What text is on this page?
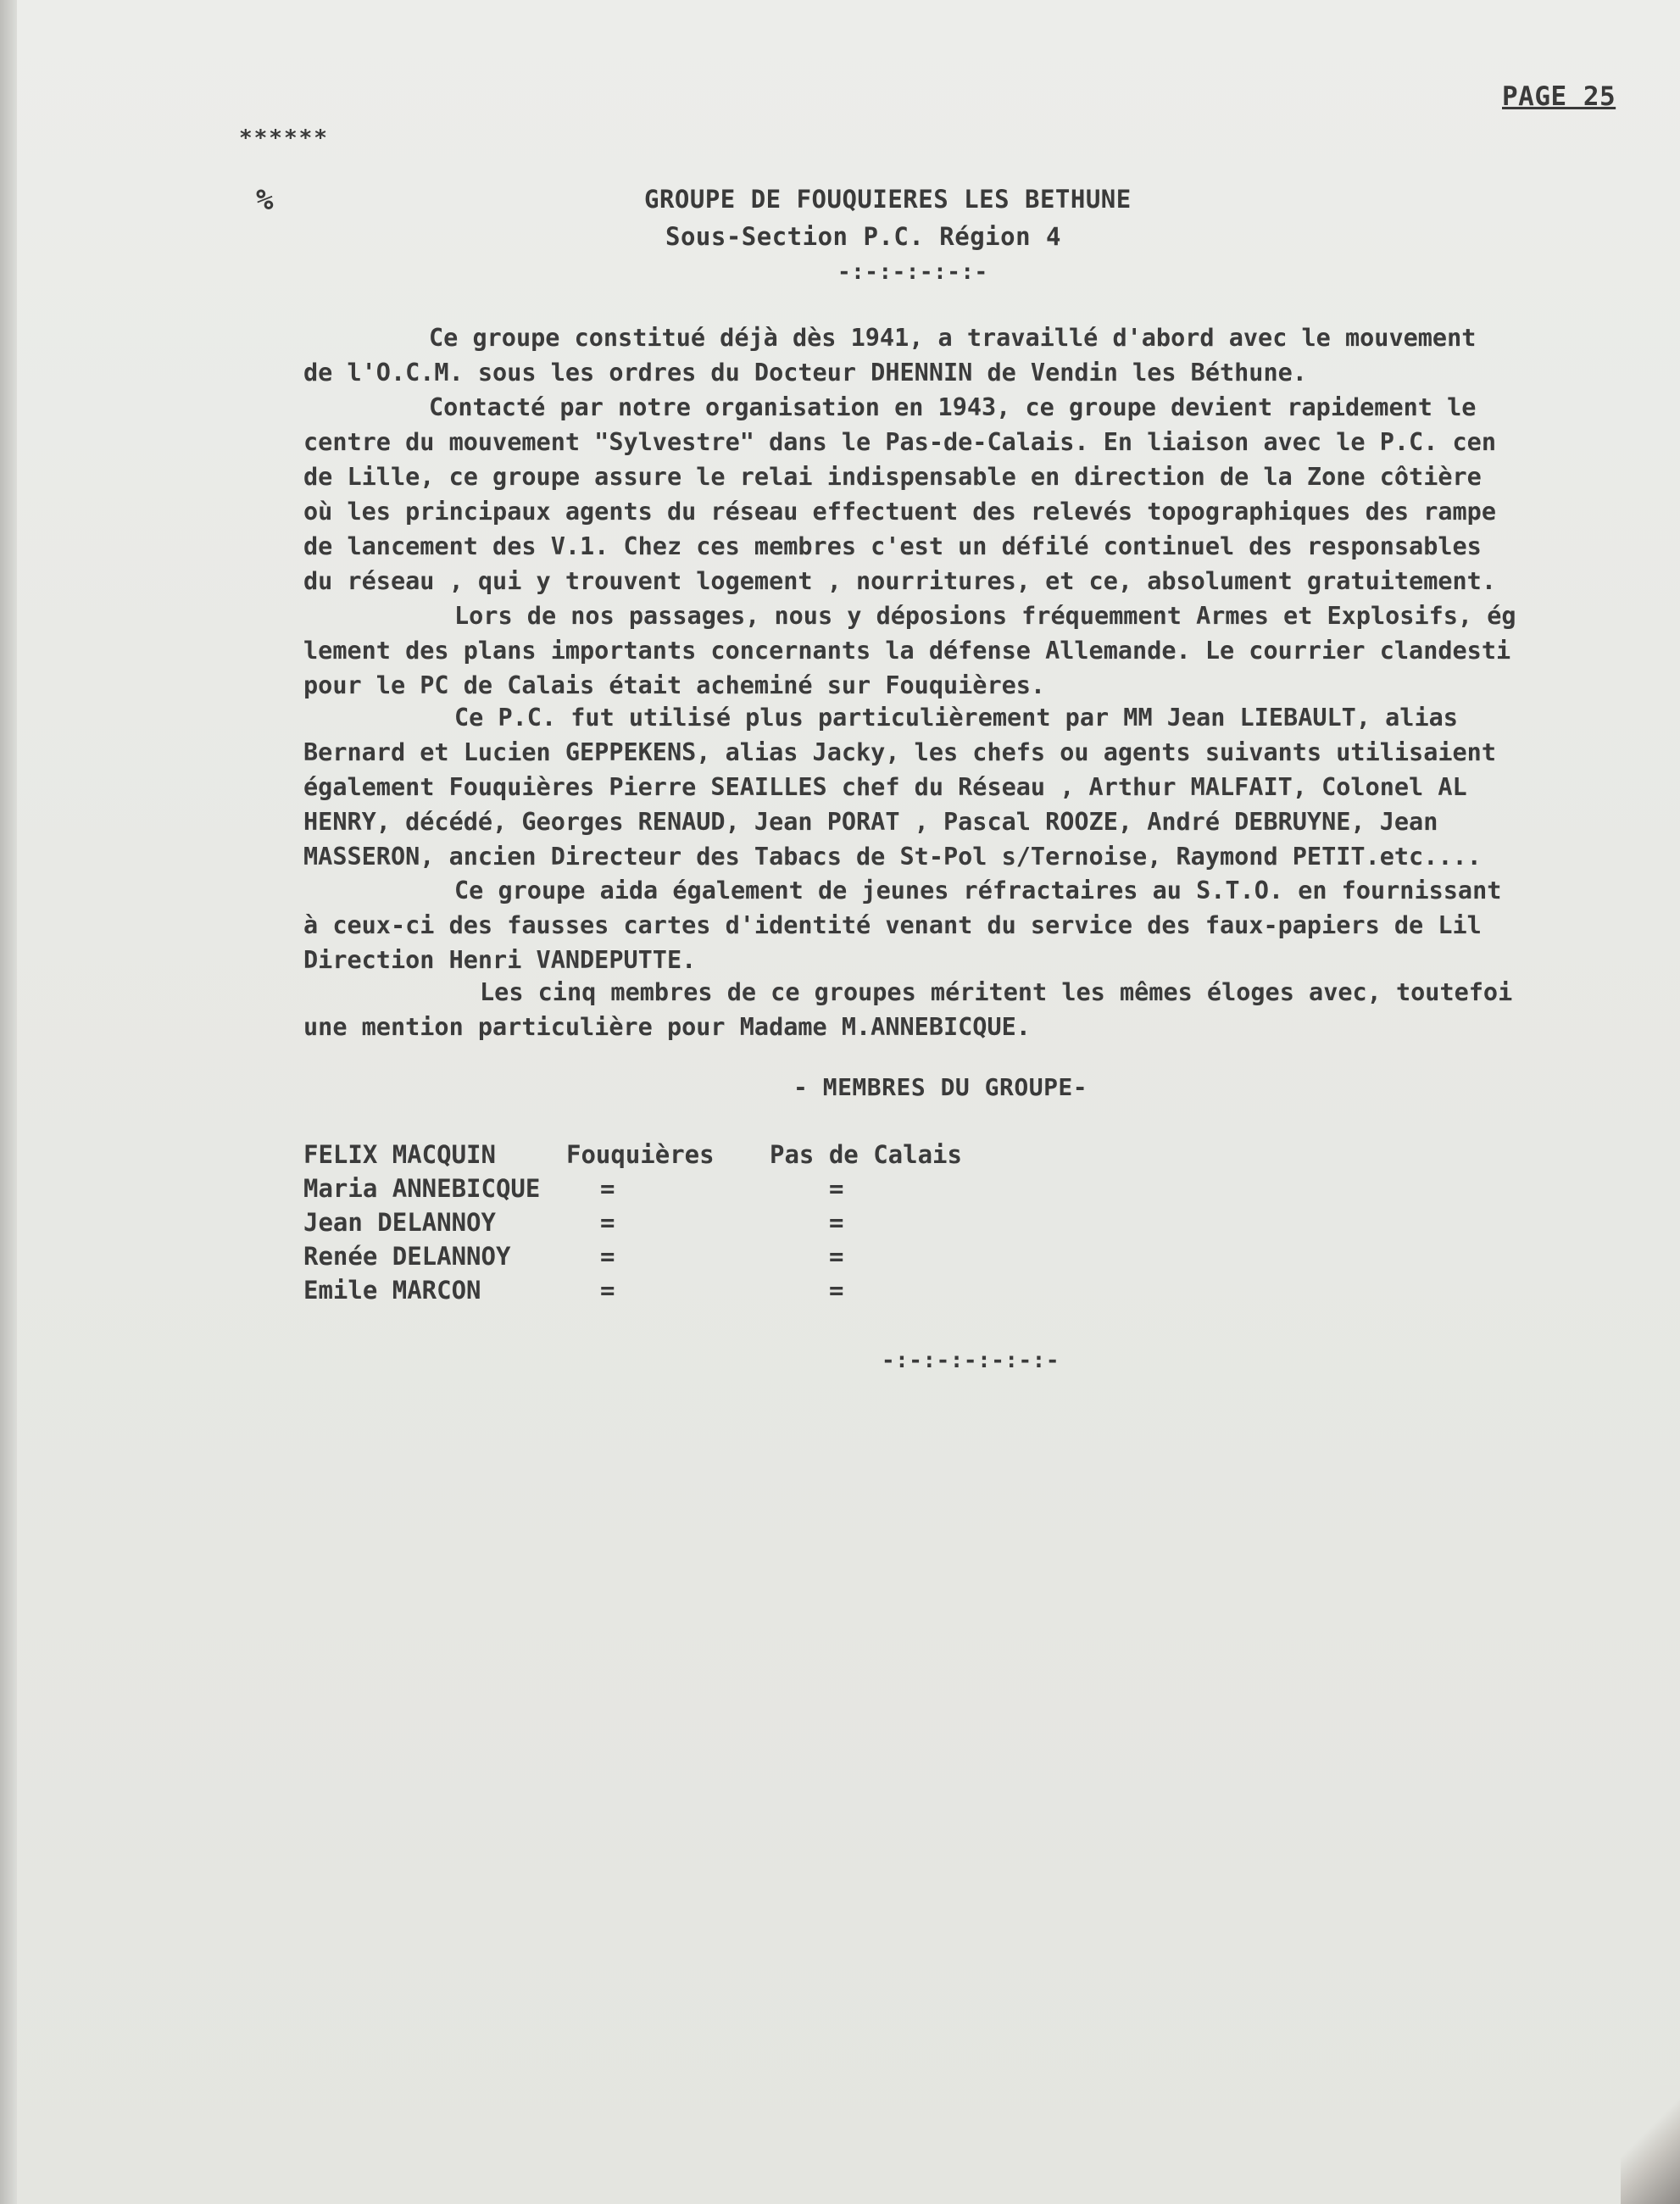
PAGE 25
******
%	GROUPE DE FOUQUIERES LES BETHUNE
Sous-Section P.C. Région 4
-:-:-:-:-:-
Ce groupe constitué déjà dès 1941, a travaillé d'abord avec le mouvement
de l'O.C.M. sous les ordres du Docteur DHENNIN de Vendin les Béthune.
Contacté par notre organisation en 1943, ce groupe devient rapidement le
centre du mouvement "Sylvestre" dans le Pas-de-Calais. En liaison avec le P.C. cen
de Lille, ce groupe assure le relai indispensable en direction de la Zone côtière
où les principaux agents du réseau effectuent des relevés topographiques des rampe
de lancement des V.1. Chez ces membres c'est un défilé continuel des responsables
du réseau , qui y trouvent logement , nourritures, et ce, absolument gratuitement.
Lors de nos passages, nous y déposions fréquemment Armes et Explosifs, ég
lement des plans importants concernants la défense Allemande. Le courrier clandesti
pour le PC de Calais était acheminé sur Fouquières.
Ce P.C. fut utilisé plus particulièrement par MM Jean LIEBAULT, alias
Bernard et Lucien GEPPEKENS, alias Jacky, les chefs ou agents suivants utilisaient
également Fouquières Pierre SEAILLES chef du Réseau , Arthur MALFAIT, Colonel AL
HENRY, décédé, Georges RENAUD, Jean PORAT , Pascal ROOZE, André DEBRUYNE, Jean
MASSERON, ancien Directeur des Tabacs de St-Pol s/Ternoise, Raymond PETIT.etc....
Ce groupe aida également de jeunes réfractaires au S.T.O. en fournissant
à ceux-ci des fausses cartes d'identité venant du service des faux-papiers de Lil
Direction Henri VANDEPUTTE.
Les cinq membres de ce groupes méritent les mêmes éloges avec, toutefoi
une mention particulière pour Madame M.ANNEBICQUE.
- MEMBRES DU GROUPE-
FELIX MACQUIN	Fouquières	Pas de Calais
Maria ANNEBICQUE	=	=
Jean DELANNOY	=	=
Renée DELANNOY	=	=
Emile MARCON	=	=
-:-:-:-:-:-:-
